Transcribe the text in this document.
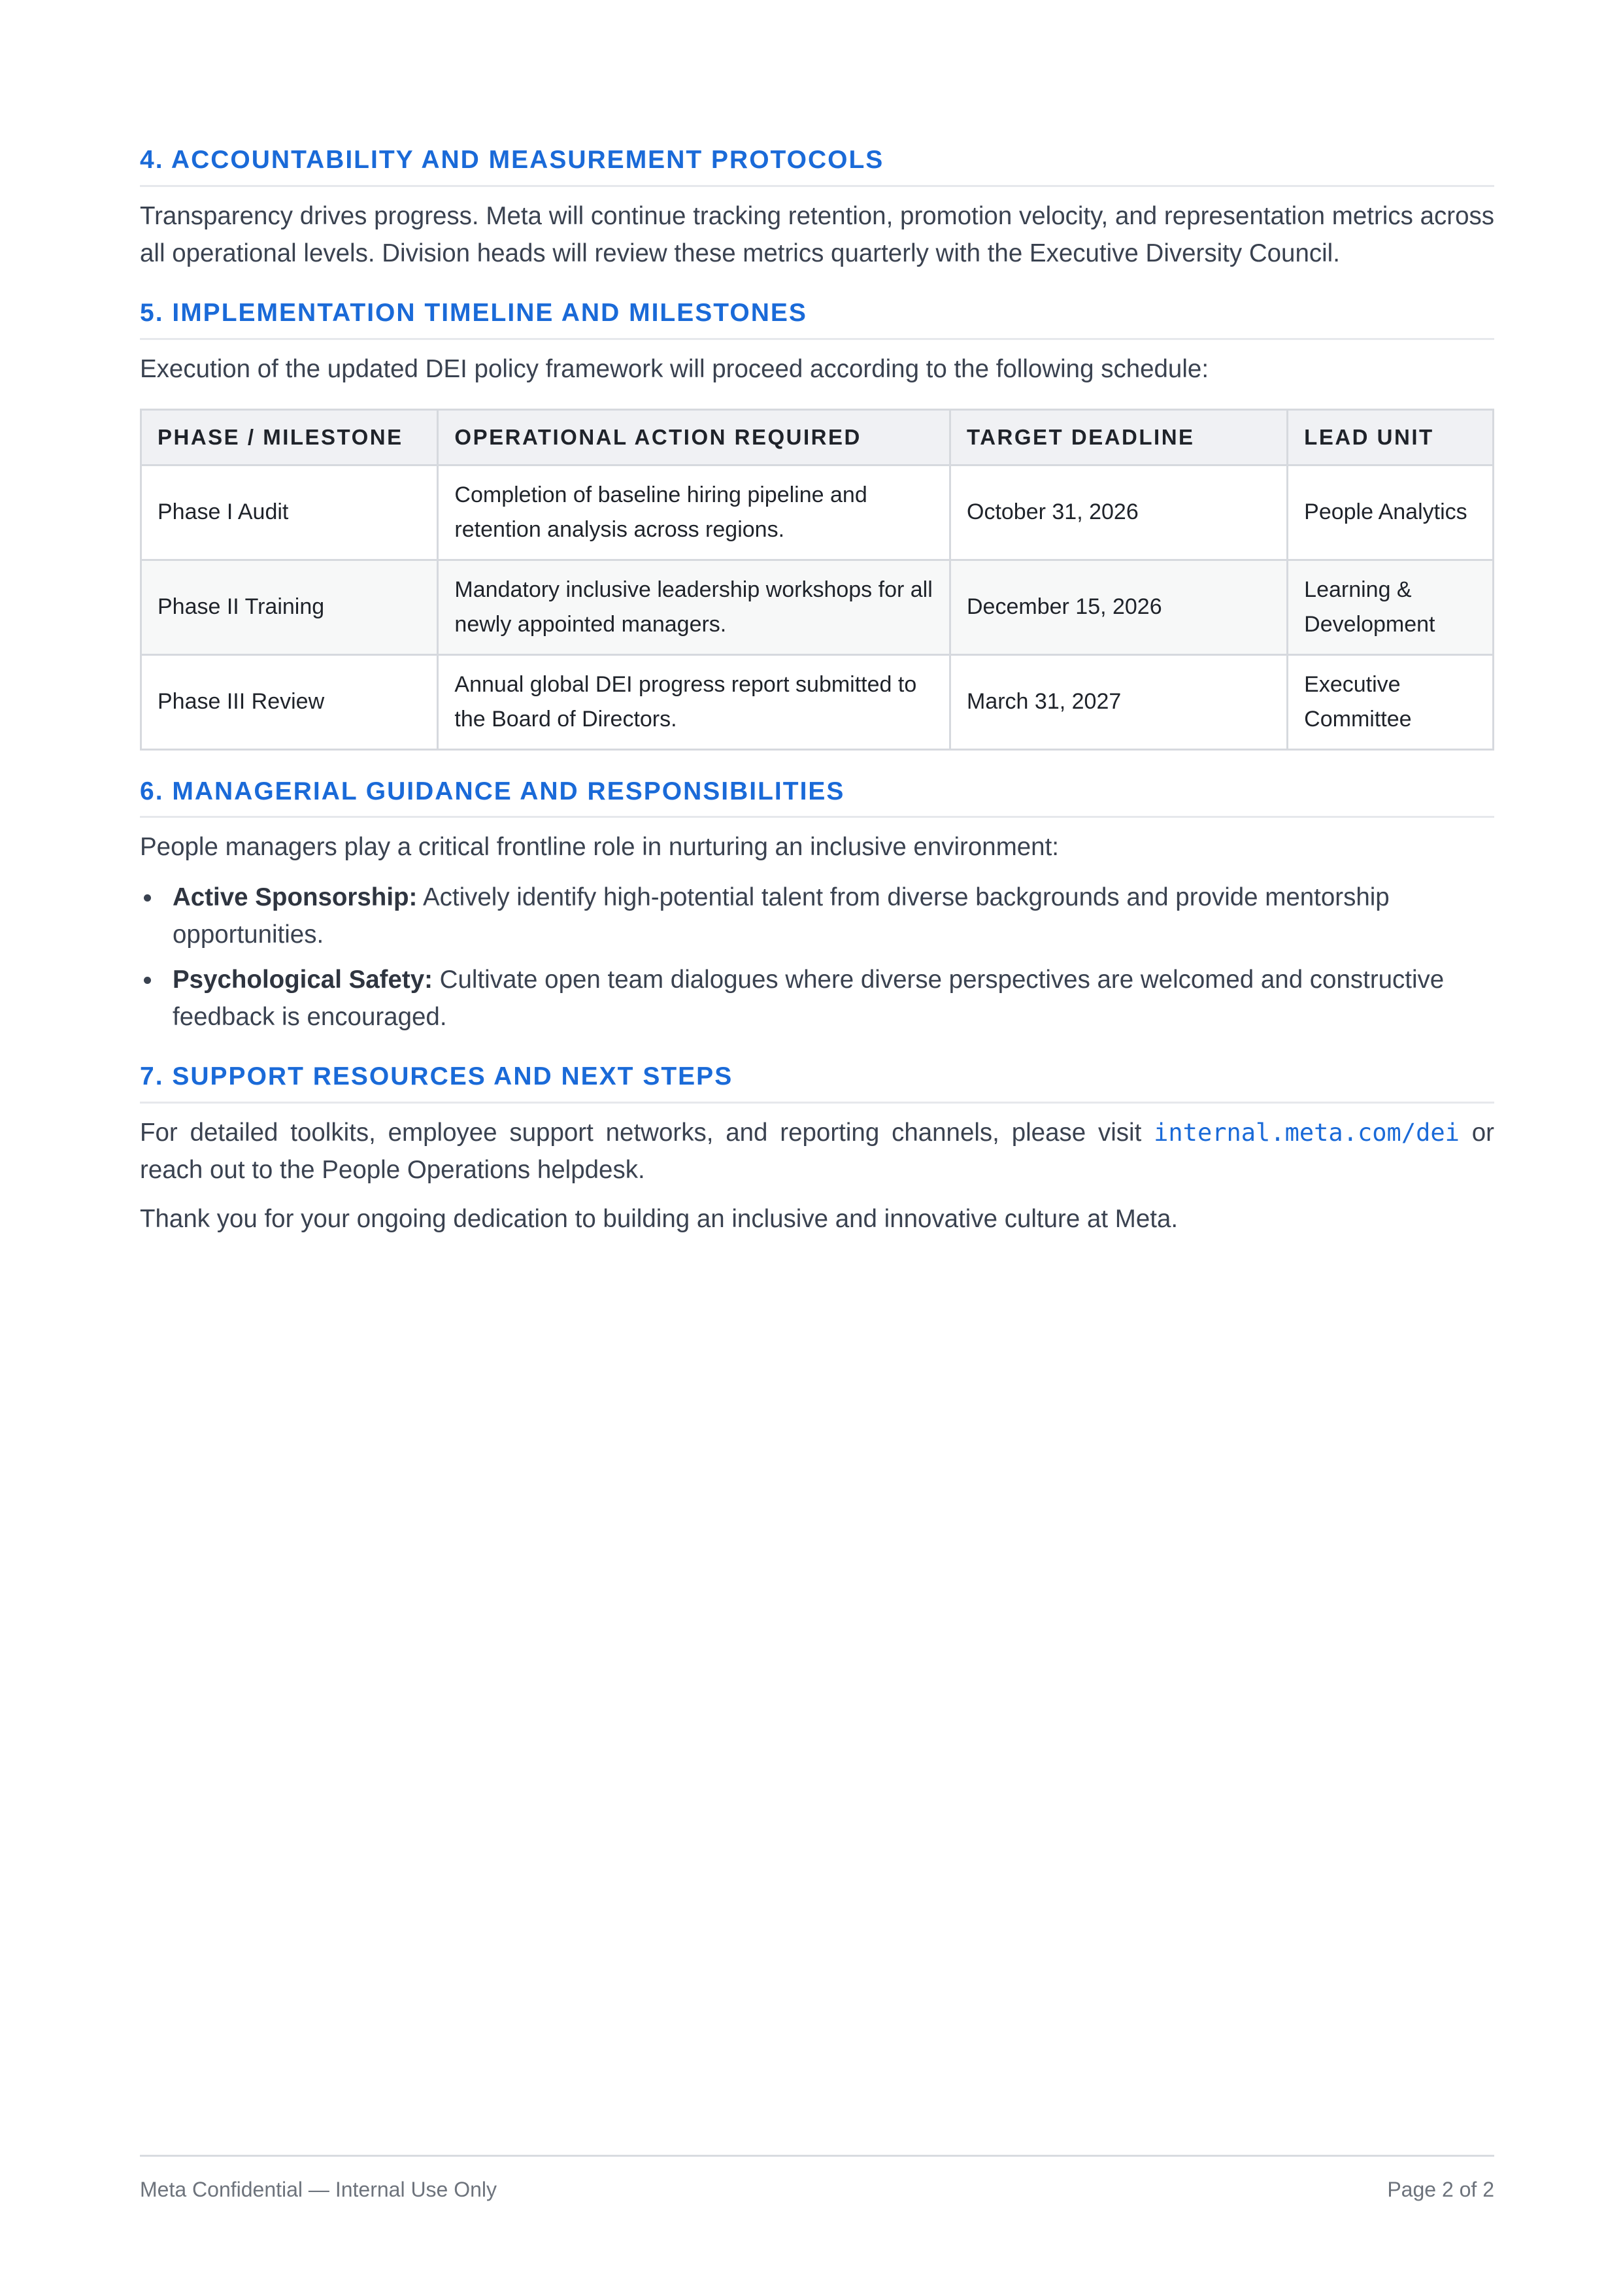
4. ACCOUNTABILITY AND MEASUREMENT PROTOCOLS

Transparency drives progress. Meta will continue tracking retention, promotion velocity, and representation metrics across all operational levels. Division heads will review these metrics quarterly with the Executive Diversity Council.

5. IMPLEMENTATION TIMELINE AND MILESTONES

Execution of the updated DEI policy framework will proceed according to the following schedule:

PHASE / MILESTONE	OPERATIONAL ACTION REQUIRED	TARGET DEADLINE	LEAD UNIT
Phase I Audit	Completion of baseline hiring pipeline and retention analysis across regions.	October 31, 2026	People Analytics
Phase II Training	Mandatory inclusive leadership workshops for all newly appointed managers.	December 15, 2026	Learning & Development
Phase III Review	Annual global DEI progress report submitted to the Board of Directors.	March 31, 2027	Executive Committee
6. MANAGERIAL GUIDANCE AND RESPONSIBILITIES

People managers play a critical frontline role in nurturing an inclusive environment:

Active Sponsorship: Actively identify high-potential talent from diverse backgrounds and provide mentorship opportunities.
Psychological Safety: Cultivate open team dialogues where diverse perspectives are welcomed and constructive feedback is encouraged.
7. SUPPORT RESOURCES AND NEXT STEPS

For detailed toolkits, employee support networks, and reporting channels, please visit internal.meta.com/dei or reach out to the People Operations helpdesk.

Thank you for your ongoing dedication to building an inclusive and innovative culture at Meta.

Meta Confidential — Internal Use Only	Page 2 of 2
